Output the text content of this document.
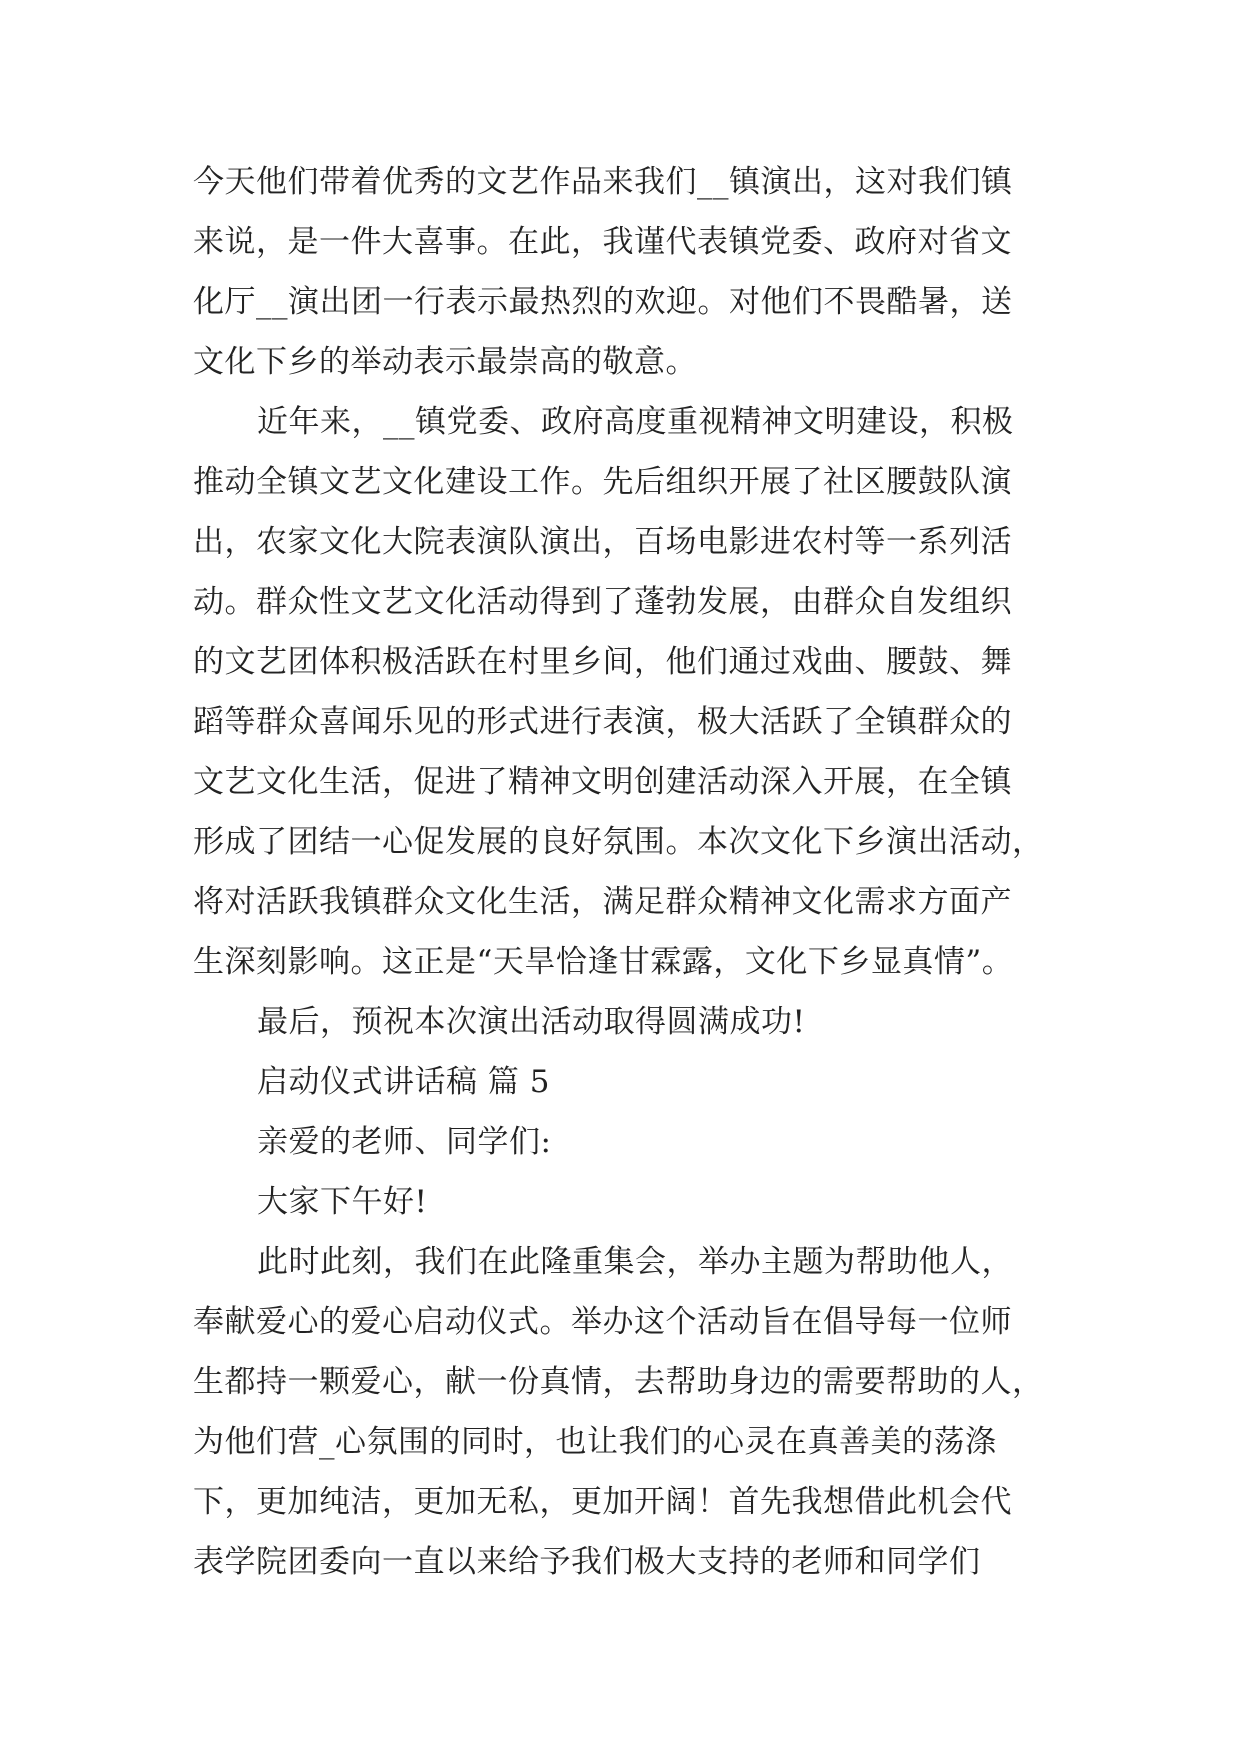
今天他们带着优秀的文艺作品来我们__镇演出，这对我们镇
来说，是一件大喜事。在此，我谨代表镇党委、政府对省文
化厅__演出团一行表示最热烈的欢迎。对他们不畏酷暑，送
文化下乡的举动表示最崇高的敬意。
近年来，__镇党委、政府高度重视精神文明建设，积极
推动全镇文艺文化建设工作。先后组织开展了社区腰鼓队演
出，农家文化大院表演队演出，百场电影进农村等一系列活
动。群众性文艺文化活动得到了蓬勃发展，由群众自发组织
的文艺团体积极活跃在村里乡间，他们通过戏曲、腰鼓、舞
蹈等群众喜闻乐见的形式进行表演，极大活跃了全镇群众的
文艺文化生活，促进了精神文明创建活动深入开展，在全镇
形成了团结一心促发展的良好氛围。本次文化下乡演出活动，
将对活跃我镇群众文化生活，满足群众精神文化需求方面产
生深刻影响。这正是“天旱恰逢甘霖露，文化下乡显真情”。
最后，预祝本次演出活动取得圆满成功!
启动仪式讲话稿 篇 5
亲爱的老师、同学们:
大家下午好!
此时此刻，我们在此隆重集会，举办主题为帮助他人，
奉献爱心的爱心启动仪式。举办这个活动旨在倡导每一位师
生都持一颗爱心，献一份真情，去帮助身边的需要帮助的人，
为他们营_心氛围的同时，也让我们的心灵在真善美的荡涤
下，更加纯洁，更加无私，更加开阔！首先我想借此机会代
表学院团委向一直以来给予我们极大支持的老师和同学们
